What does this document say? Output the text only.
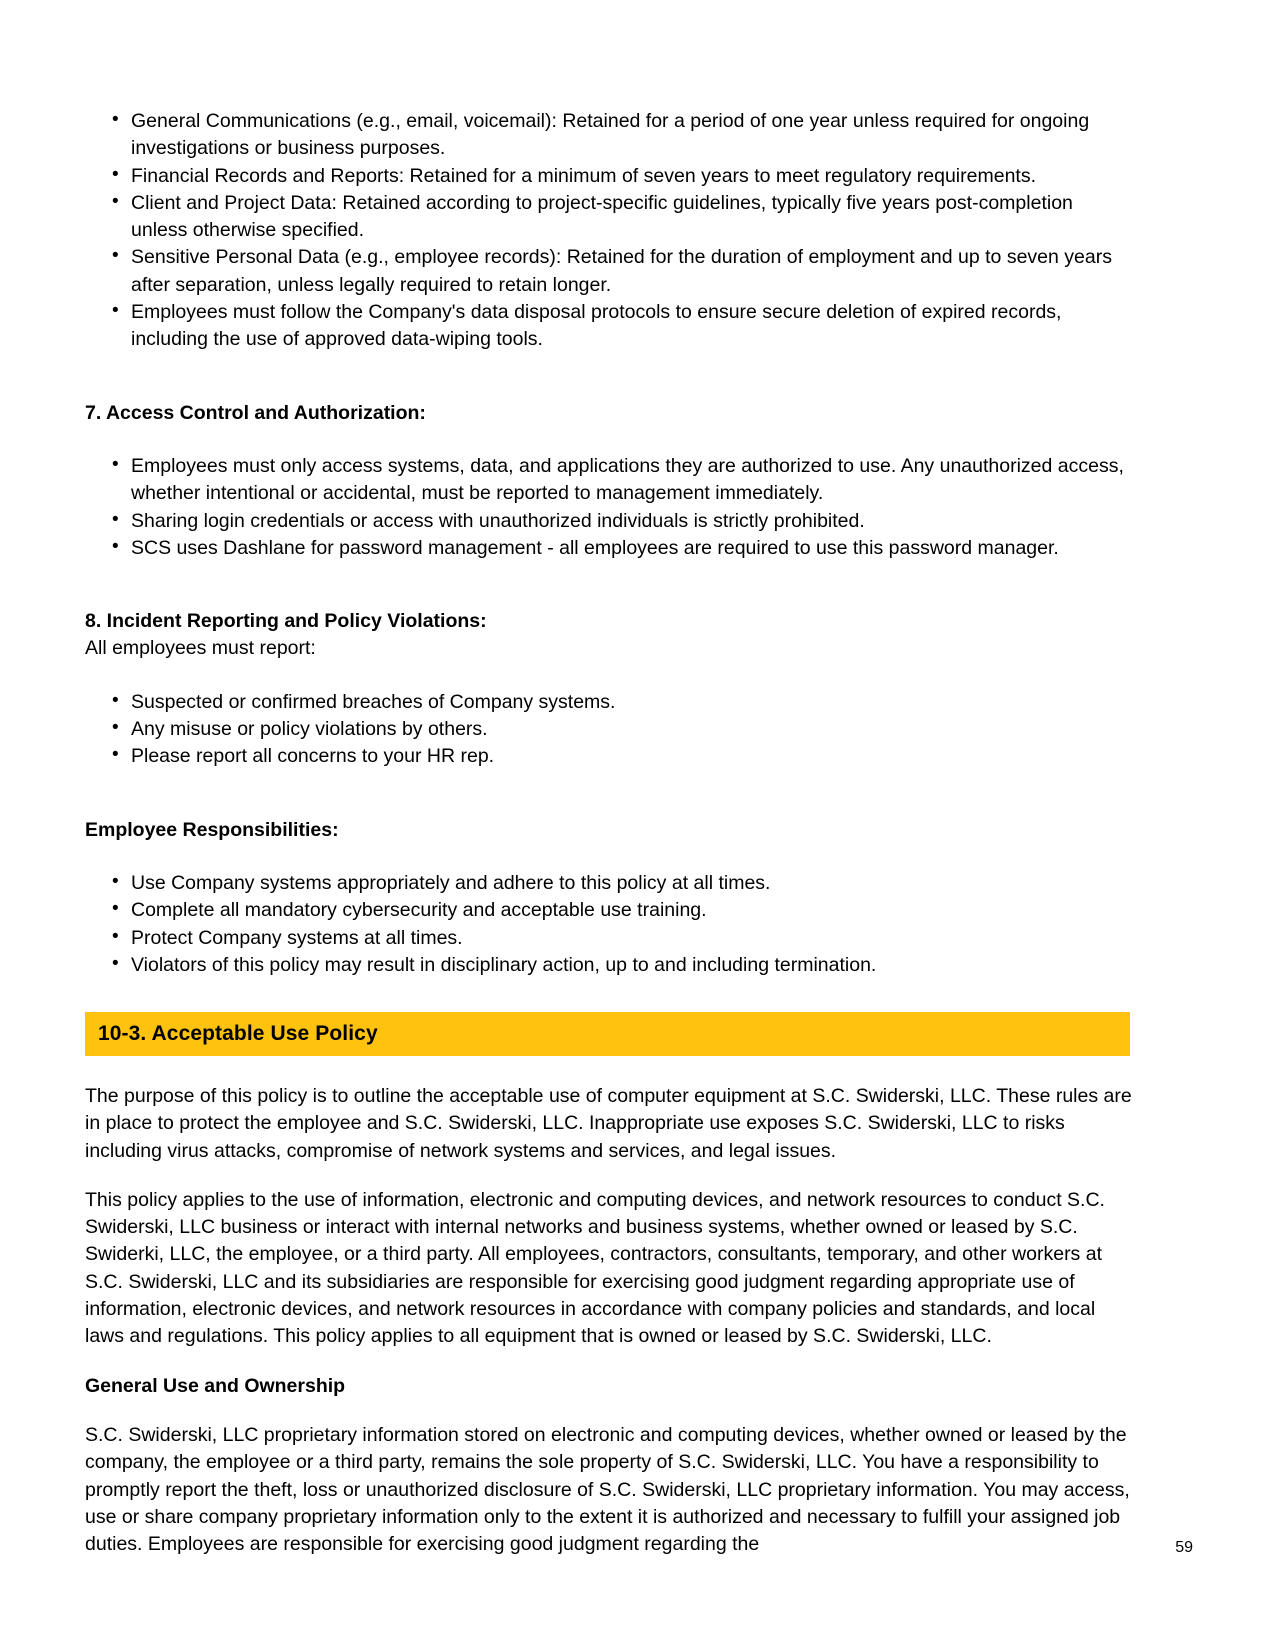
• General Communications (e.g., email, voicemail): Retained for a period of one year unless required for ongoing investigations or business purposes.
• Financial Records and Reports: Retained for a minimum of seven years to meet regulatory requirements.
• Client and Project Data: Retained according to project-specific guidelines, typically five years post-completion unless otherwise specified.
• Sensitive Personal Data (e.g., employee records): Retained for the duration of employment and up to seven years after separation, unless legally required to retain longer.
• Employees must follow the Company's data disposal protocols to ensure secure deletion of expired records, including the use of approved data-wiping tools.
7. Access Control and Authorization:
• Employees must only access systems, data, and applications they are authorized to use. Any unauthorized access, whether intentional or accidental, must be reported to management immediately.
• Sharing login credentials or access with unauthorized individuals is strictly prohibited.
• SCS uses Dashlane for password management - all employees are required to use this password manager.
8. Incident Reporting and Policy Violations:
All employees must report:
• Suspected or confirmed breaches of Company systems.
• Any misuse or policy violations by others.
• Please report all concerns to your HR rep.
Employee Responsibilities:
• Use Company systems appropriately and adhere to this policy at all times.
• Complete all mandatory cybersecurity and acceptable use training.
• Protect Company systems at all times.
• Violators of this policy may result in disciplinary action, up to and including termination.
10-3. Acceptable Use Policy

The purpose of this policy is to outline the acceptable use of computer equipment at S.C. Swiderski, LLC. These rules are in place to protect the employee and S.C. Swiderski, LLC. Inappropriate use exposes S.C. Swiderski, LLC to risks including virus attacks, compromise of network systems and services, and legal issues.

This policy applies to the use of information, electronic and computing devices, and network resources to conduct S.C. Swiderski, LLC business or interact with internal networks and business systems, whether owned or leased by S.C. Swiderki, LLC, the employee, or a third party. All employees, contractors, consultants, temporary, and other workers at S.C. Swiderski, LLC and its subsidiaries are responsible for exercising good judgment regarding appropriate use of information, electronic devices, and network resources in accordance with company policies and standards, and local laws and regulations. This policy applies to all equipment that is owned or leased by S.C. Swiderski, LLC.

General Use and Ownership

S.C. Swiderski, LLC proprietary information stored on electronic and computing devices, whether owned or leased by the company, the employee or a third party, remains the sole property of S.C. Swiderski, LLC. You have a responsibility to promptly report the theft, loss or unauthorized disclosure of S.C. Swiderski, LLC proprietary information. You may access, use or share company proprietary information only to the extent it is authorized and necessary to fulfill your assigned job duties. Employees are responsible for exercising good judgment regarding the	59
